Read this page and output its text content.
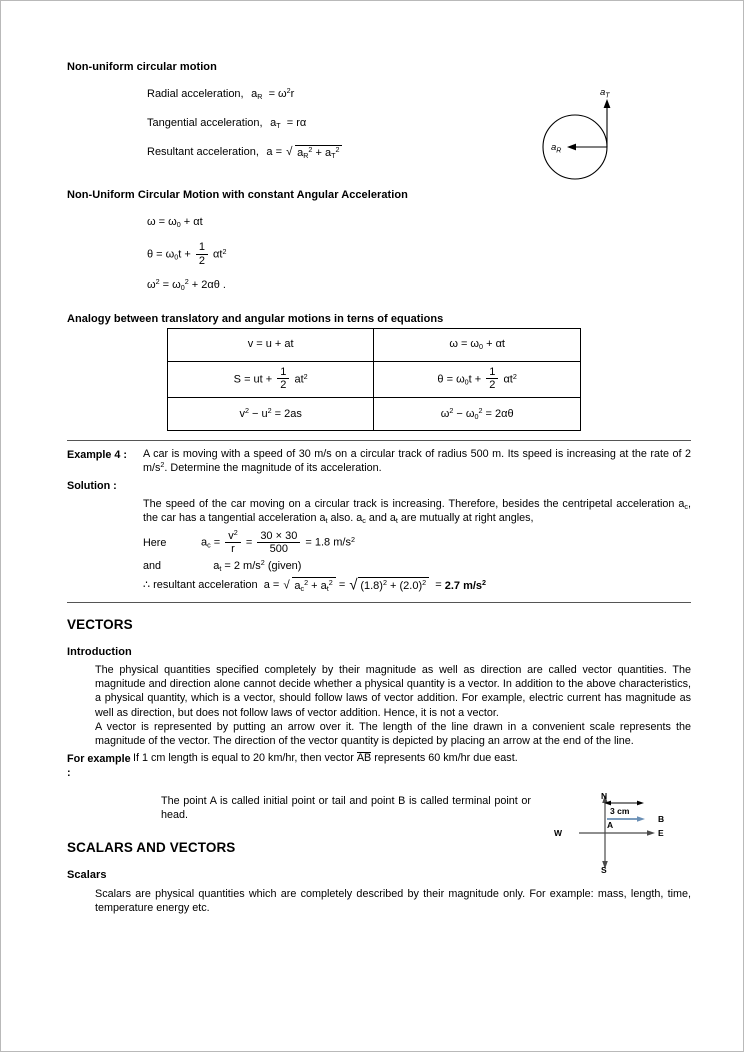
$a_T$
$a_R$
3 cm
N
S
E
A
B
W
Non-uniform circular motion
Radial acceleration,  $a_R = \omega^2r$
Tangential acceleration,  $a_T = r\alpha$
Resultant acceleration,  a = √ $a_R^2 + a_T^2$
Non-Uniform Circular Motion with constant Angular Acceleration
$\omega = \omega_0 + \alpha t$
$\theta = \omega_0t + \frac{1}{2} \alpha t^2$
$\omega^2 = \omega_0^2 + 2\alpha\theta$ .
Analogy between translatory and angular motions in terns of equations
v = u + at	$\omega = \omega_0 + \alpha t$
S = ut + $\frac{1}{2} at^2$	$\theta = \omega_0t + \frac{1}{2} \alpha t^2$
$v^2 - u^2 = 2as$	$\omega^2 - \omega_0^2 = 2\alpha\theta$
Example 4 :	A car is moving with a speed of 30 m/s on a circular track of radius 500 m. Its speed is increasing at the rate of 2 $m/s^2$. Determine the magnitude of its acceleration.
Solution :
The speed of the car moving on a circular track is increasing. Therefore, besides the centripetal acceleration $a_c$, the car has a tangential acceleration $a_t$ also. $a_c$ and $a_t$ are mutually at right angles,
Here	$a_c = \frac{v^2}{r} = \frac{30 \times 30}{500} = 1.8$ $m/s^2$
and	$a_t = 2$ $m/s^2$ (given)
∴ resultant acceleration  a = √ $a_c^2 + a_t^2$ = √ $(1.8)^2 + (2.0)^2 = 2.7$ $m/s^2$
VECTORS
Introduction

The physical quantities specified completely by their magnitude as well as direction are called vector quantities. The magnitude and direction alone cannot decide whether a physical quantity is a vector. In addition to the above characteristics, a physical quantity, which is a vector, should follow laws of vector addition. For example, electric current has magnitude as well as direction, but does not follow laws of vector addition. Hence, it is not a vector.

A vector is represented by putting an arrow over it. The length of the line drawn in a convenient scale represents the magnitude of the vector. The direction of the vector quantity is depicted by placing an arrow at the end of the line.

For example :
If 1 cm length is equal to 20 km/hr, then vector AB represents 60 km/hr due east.

The point A is called initial point or tail and point B is called terminal point or head.

SCALARS AND VECTORS
Scalars

Scalars are physical quantities which are completely described by their magnitude only. For example: mass, length, time, temperature energy etc.
